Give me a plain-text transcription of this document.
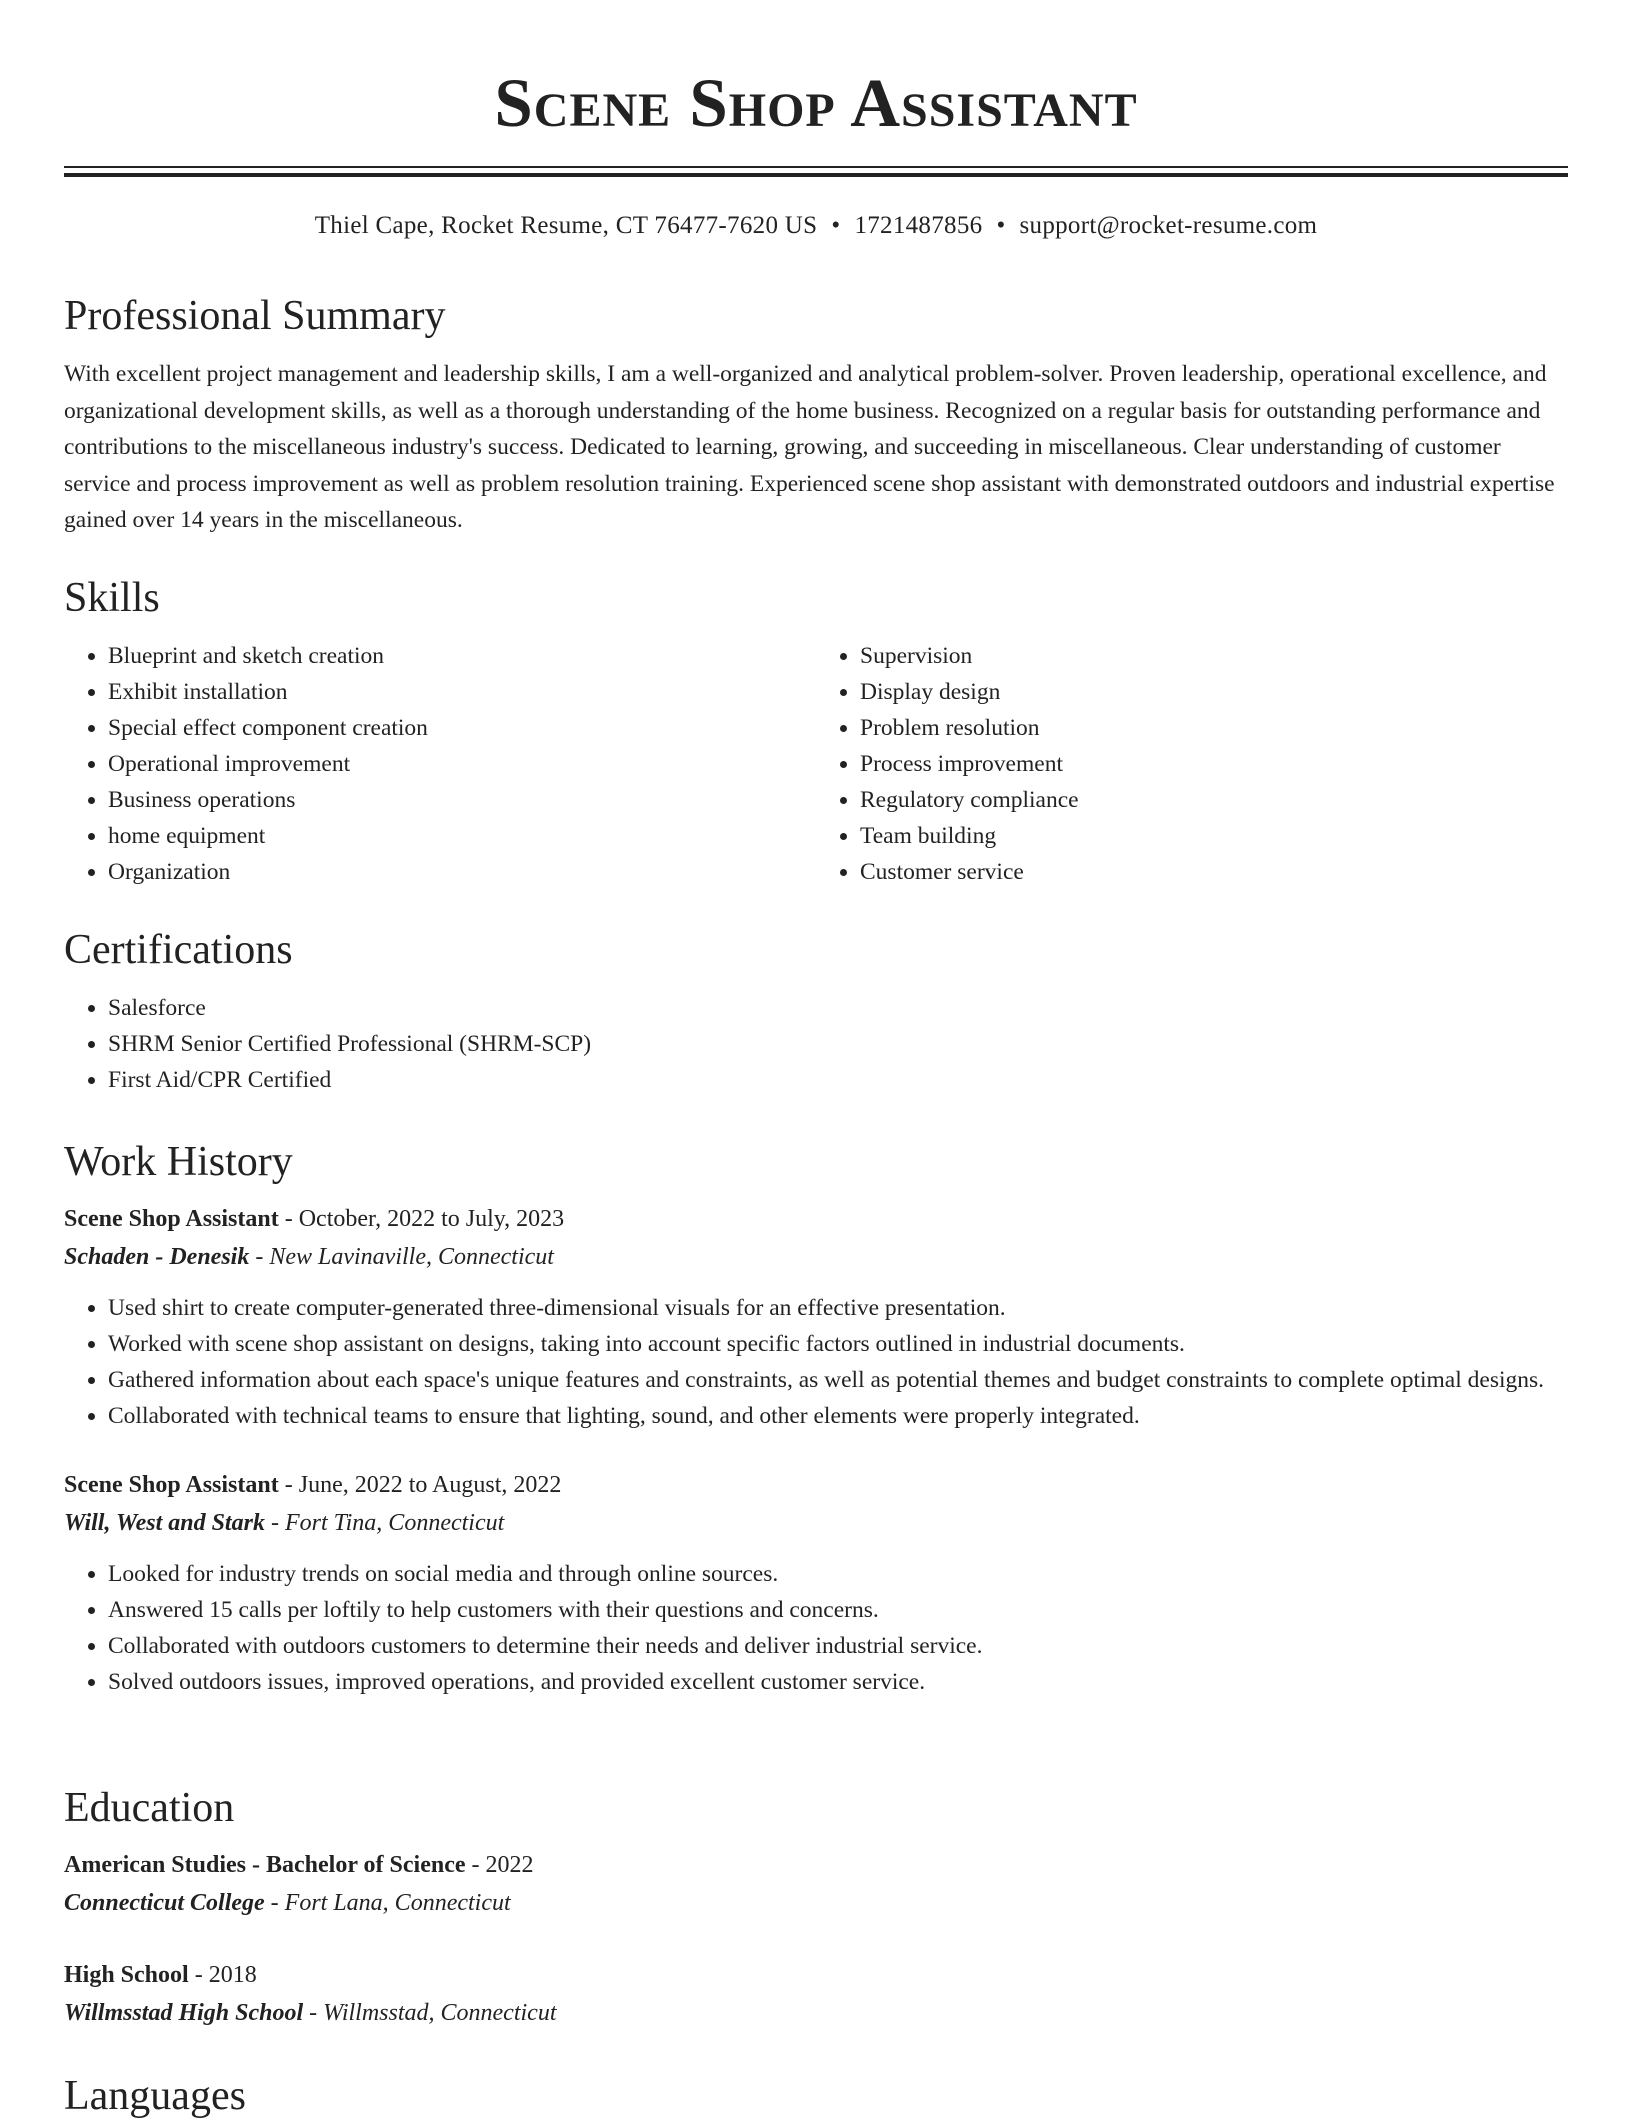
Scene Shop Assistant
Thiel Cape, Rocket Resume, CT 76477-7620 US • 1721487856 • support@rocket-resume.com
Professional Summary

With excellent project management and leadership skills, I am a well-organized and analytical problem-solver. Proven leadership, operational excellence, and organizational development skills, as well as a thorough understanding of the home business. Recognized on a regular basis for outstanding performance and contributions to the miscellaneous industry's success. Dedicated to learning, growing, and succeeding in miscellaneous. Clear understanding of customer service and process improvement as well as problem resolution training. Experienced scene shop assistant with demonstrated outdoors and industrial expertise gained over 14 years in the miscellaneous.

Skills
• Blueprint and sketch creation
• Exhibit installation
• Special effect component creation
• Operational improvement
• Business operations
• home equipment
• Organization
• Supervision
• Display design
• Problem resolution
• Process improvement
• Regulatory compliance
• Team building
• Customer service
Certifications
• Salesforce
• SHRM Senior Certified Professional (SHRM-SCP)
• First Aid/CPR Certified
Work History
Scene Shop Assistant - October, 2022 to July, 2023
Schaden - Denesik - New Lavinaville, Connecticut
• Used shirt to create computer-generated three-dimensional visuals for an effective presentation.
• Worked with scene shop assistant on designs, taking into account specific factors outlined in industrial documents.
• Gathered information about each space's unique features and constraints, as well as potential themes and budget constraints to complete optimal designs.
• Collaborated with technical teams to ensure that lighting, sound, and other elements were properly integrated.
Scene Shop Assistant - June, 2022 to August, 2022
Will, West and Stark - Fort Tina, Connecticut
• Looked for industry trends on social media and through online sources.
• Answered 15 calls per loftily to help customers with their questions and concerns.
• Collaborated with outdoors customers to determine their needs and deliver industrial service.
• Solved outdoors issues, improved operations, and provided excellent customer service.
Education
American Studies - Bachelor of Science - 2022
Connecticut College - Fort Lana, Connecticut
High School - 2018
Willmsstad High School - Willmsstad, Connecticut
Languages
